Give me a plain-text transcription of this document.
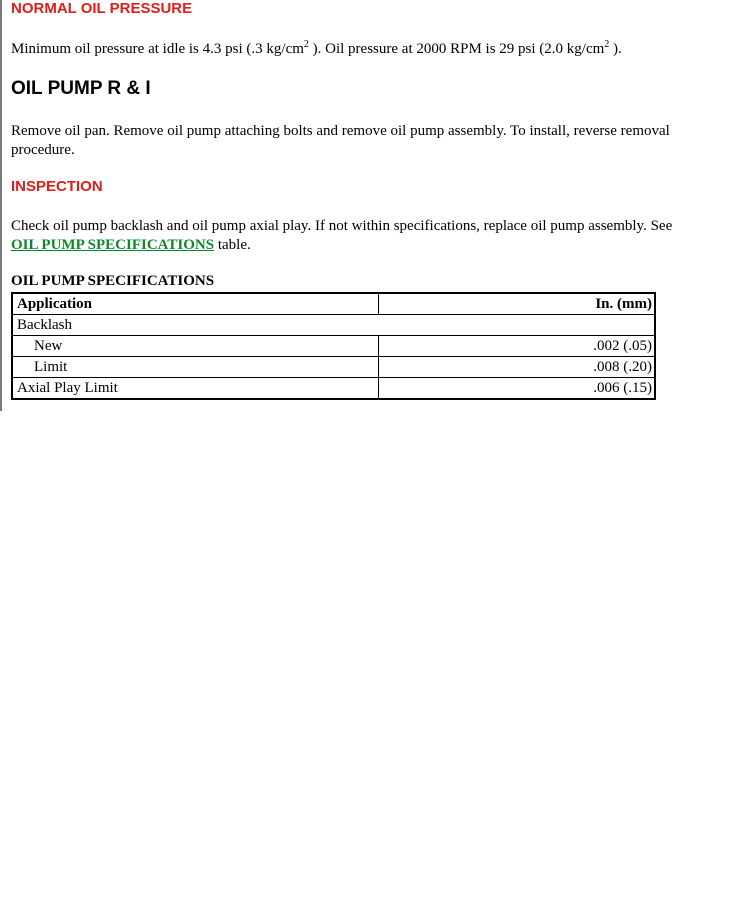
NORMAL OIL PRESSURE

Minimum oil pressure at idle is 4.3 psi (.3 $kg/cm^2$ ). Oil pressure at 2000 RPM is 29 psi (2.0 $kg/cm^2$ ).

OIL PUMP R & I

Remove oil pan. Remove oil pump attaching bolts and remove oil pump assembly. To install, reverse removal procedure.

INSPECTION

Check oil pump backlash and oil pump axial play. If not within specifications, replace oil pump assembly. See OIL PUMP SPECIFICATIONS table.

OIL PUMP SPECIFICATIONS
Application	In. (mm)
Backlash	
New	.002 (.05)
Limit	.008 (.20)
Axial Play Limit	.006 (.15)
